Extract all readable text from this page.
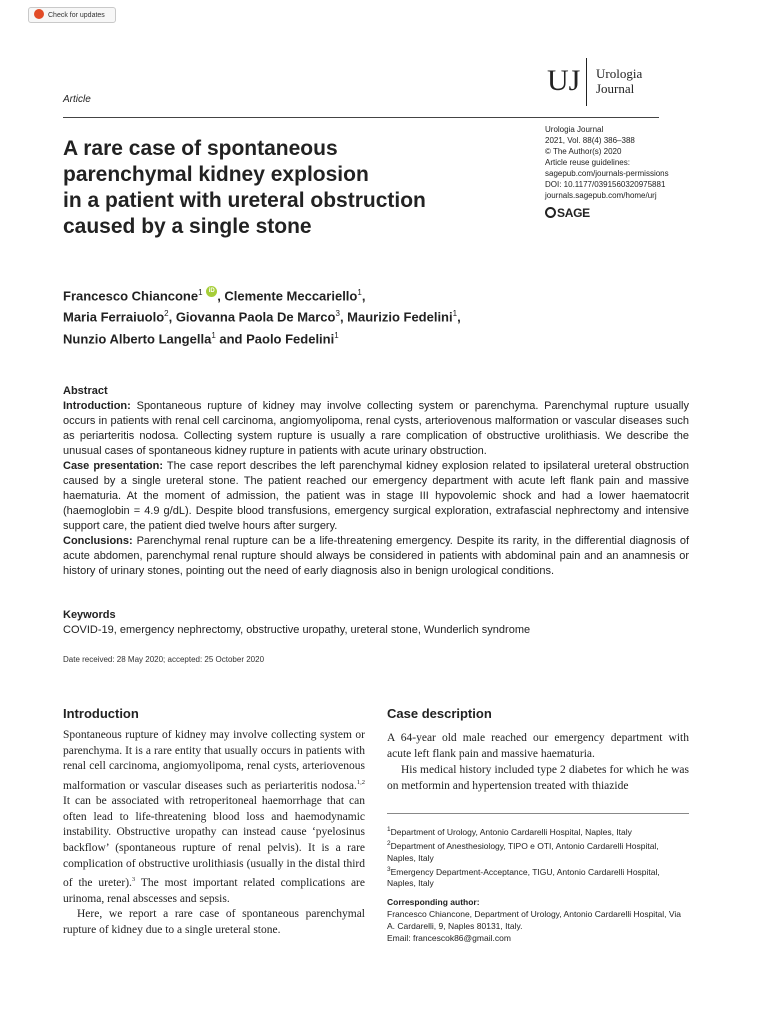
Check for updates
Article
UJ Urologia
Journal
Urologia Journal
2021, Vol. 88(4) 386–388
© The Author(s) 2020
Article reuse guidelines:
sagepub.com/journals-permissions
DOI: 10.1177/0391560320975881
journals.sagepub.com/home/urj
SAGE
A rare case of spontaneous
parenchymal kidney explosion
in a patient with ureteral obstruction
caused by a single stone
Francesco Chiancone$^1$ iD , Clemente Meccariello$^1$,
Maria Ferraiuolo$^2$, Giovanna Paola De Marco$^3$, Maurizio Fedelini$^1$,
Nunzio Alberto Langella$^1$ and Paolo Fedelini$^1$
Abstract

Introduction: Spontaneous rupture of kidney may involve collecting system or parenchyma. Parenchymal rupture usually occurs in patients with renal cell carcinoma, angiomyolipoma, renal cysts, arteriovenous malformation or vascular diseases such as periarteritis nodosa. Collecting system rupture is usually a rare complication of obstructive urolithiasis. We describe the unusual cases of spontaneous kidney rupture in patients with acute urinary obstruction.

Case presentation: The case report describes the left parenchymal kidney explosion related to ipsilateral ureteral obstruction caused by a single ureteral stone. The patient reached our emergency department with acute left flank pain and massive haematuria. At the moment of admission, the patient was in stage III hypovolemic shock and had a lower haematocrit (haemoglobin = 4.9 g/dL). Despite blood transfusions, emergency surgical exploration, extrafascial nephrectomy and intensive support care, the patient died twelve hours after surgery.

Conclusions: Parenchymal renal rupture can be a life-threatening emergency. Despite its rarity, in the differential diagnosis of acute abdomen, parenchymal renal rupture should always be considered in patients with abdominal pain and an anamnesis or history of urinary stones, pointing out the need of early diagnosis also in benign urological conditions.

Keywords
COVID-19, emergency nephrectomy, obstructive uropathy, ureteral stone, Wunderlich syndrome
Date received: 28 May 2020; accepted: 25 October 2020
Introduction

Spontaneous rupture of kidney may involve collecting system or parenchyma. It is a rare entity that usually occurs in patients with renal cell carcinoma, angiomyolipoma, renal cysts, arteriovenous malformation or vascular diseases such as periarteritis nodosa.$^{1,2}$ It can be associated with retroperitoneal haemorrhage that can often lead to life-threatening blood loss and haemodynamic instability. Obstructive uropathy can instead cause ‘pyelosinus backflow’ (spontaneous rupture of renal pelvis). It is a rare complication of obstructive urolithiasis (usually in the distal third of the ureter).$^3$ The most important related complications are urinoma, renal abscesses and sepsis.

Here, we report a rare case of spontaneous parenchymal rupture of kidney due to a single ureteral stone.

Case description

A 64-year old male reached our emergency department with acute left flank pain and massive haematuria.

His medical history included type 2 diabetes for which he was on metformin and hypertension treated with thiazide

$^1$Department of Urology, Antonio Cardarelli Hospital, Naples, Italy
$^2$Department of Anesthesiology, TIPO e OTI, Antonio Cardarelli Hospital, Naples, Italy
$^3$Emergency Department-Acceptance, TIGU, Antonio Cardarelli Hospital, Naples, Italy
Corresponding author:
Francesco Chiancone, Department of Urology, Antonio Cardarelli Hospital, Via A. Cardarelli, 9, Naples 80131, Italy.
Email: francescok86@gmail.com
